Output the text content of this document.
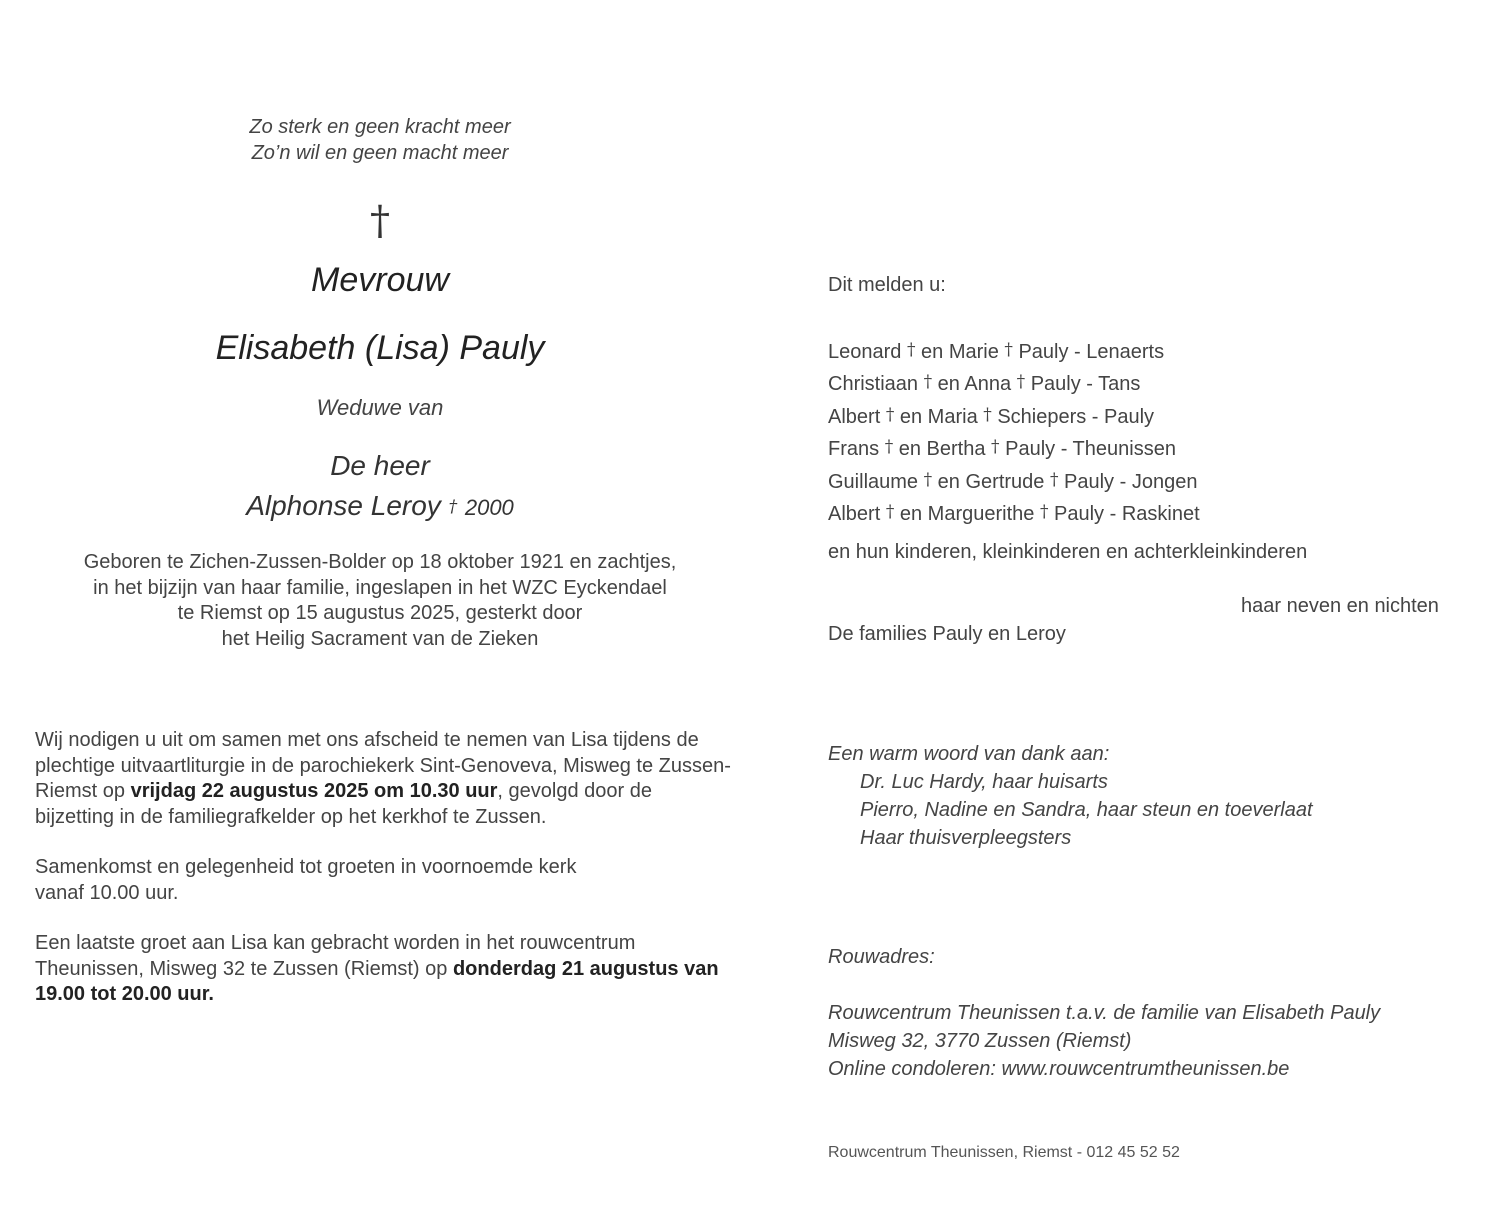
Zo sterk en geen kracht meer
Zo’n wil en geen macht meer
†
Mevrouw
Elisabeth (Lisa) Pauly
Weduwe van
De heer
Alphonse Leroy † 2000
Geboren te Zichen-Zussen-Bolder op 18 oktober 1921 en zachtjes,
in het bijzijn van haar familie, ingeslapen in het WZC Eyckendael
te Riemst op 15 augustus 2025, gesterkt door
het Heilig Sacrament van de Zieken
Wij nodigen u uit om samen met ons afscheid te nemen van Lisa tijdens de plechtige uitvaartliturgie in de parochiekerk Sint-Genoveva, Misweg te Zussen-Riemst op vrijdag 22 augustus 2025 om 10.30 uur, gevolgd door de bijzetting in de familiegrafkelder op het kerkhof te Zussen.
Samenkomst en gelegenheid tot groeten in voornoemde kerk
vanaf 10.00 uur.
Een laatste groet aan Lisa kan gebracht worden in het rouwcentrum Theunissen, Misweg 32 te Zussen (Riemst) op donderdag 21 augustus van 19.00 tot 20.00 uur.
Dit melden u:
Leonard † en Marie † Pauly - Lenaerts
Christiaan † en Anna † Pauly - Tans
Albert † en Maria † Schiepers - Pauly
Frans † en Bertha † Pauly - Theunissen
Guillaume † en Gertrude † Pauly - Jongen
Albert † en Marguerithe † Pauly - Raskinet
en hun kinderen, kleinkinderen en achterkleinkinderen
haar neven en nichten
De families Pauly en Leroy
Een warm woord van dank aan:
Dr. Luc Hardy, haar huisarts
Pierro, Nadine en Sandra, haar steun en toeverlaat
Haar thuisverpleegsters
Rouwadres:
Rouwcentrum Theunissen t.a.v. de familie van Elisabeth Pauly
Misweg 32, 3770 Zussen (Riemst)
Online condoleren: www.rouwcentrumtheunissen.be
Rouwcentrum Theunissen, Riemst - 012 45 52 52
